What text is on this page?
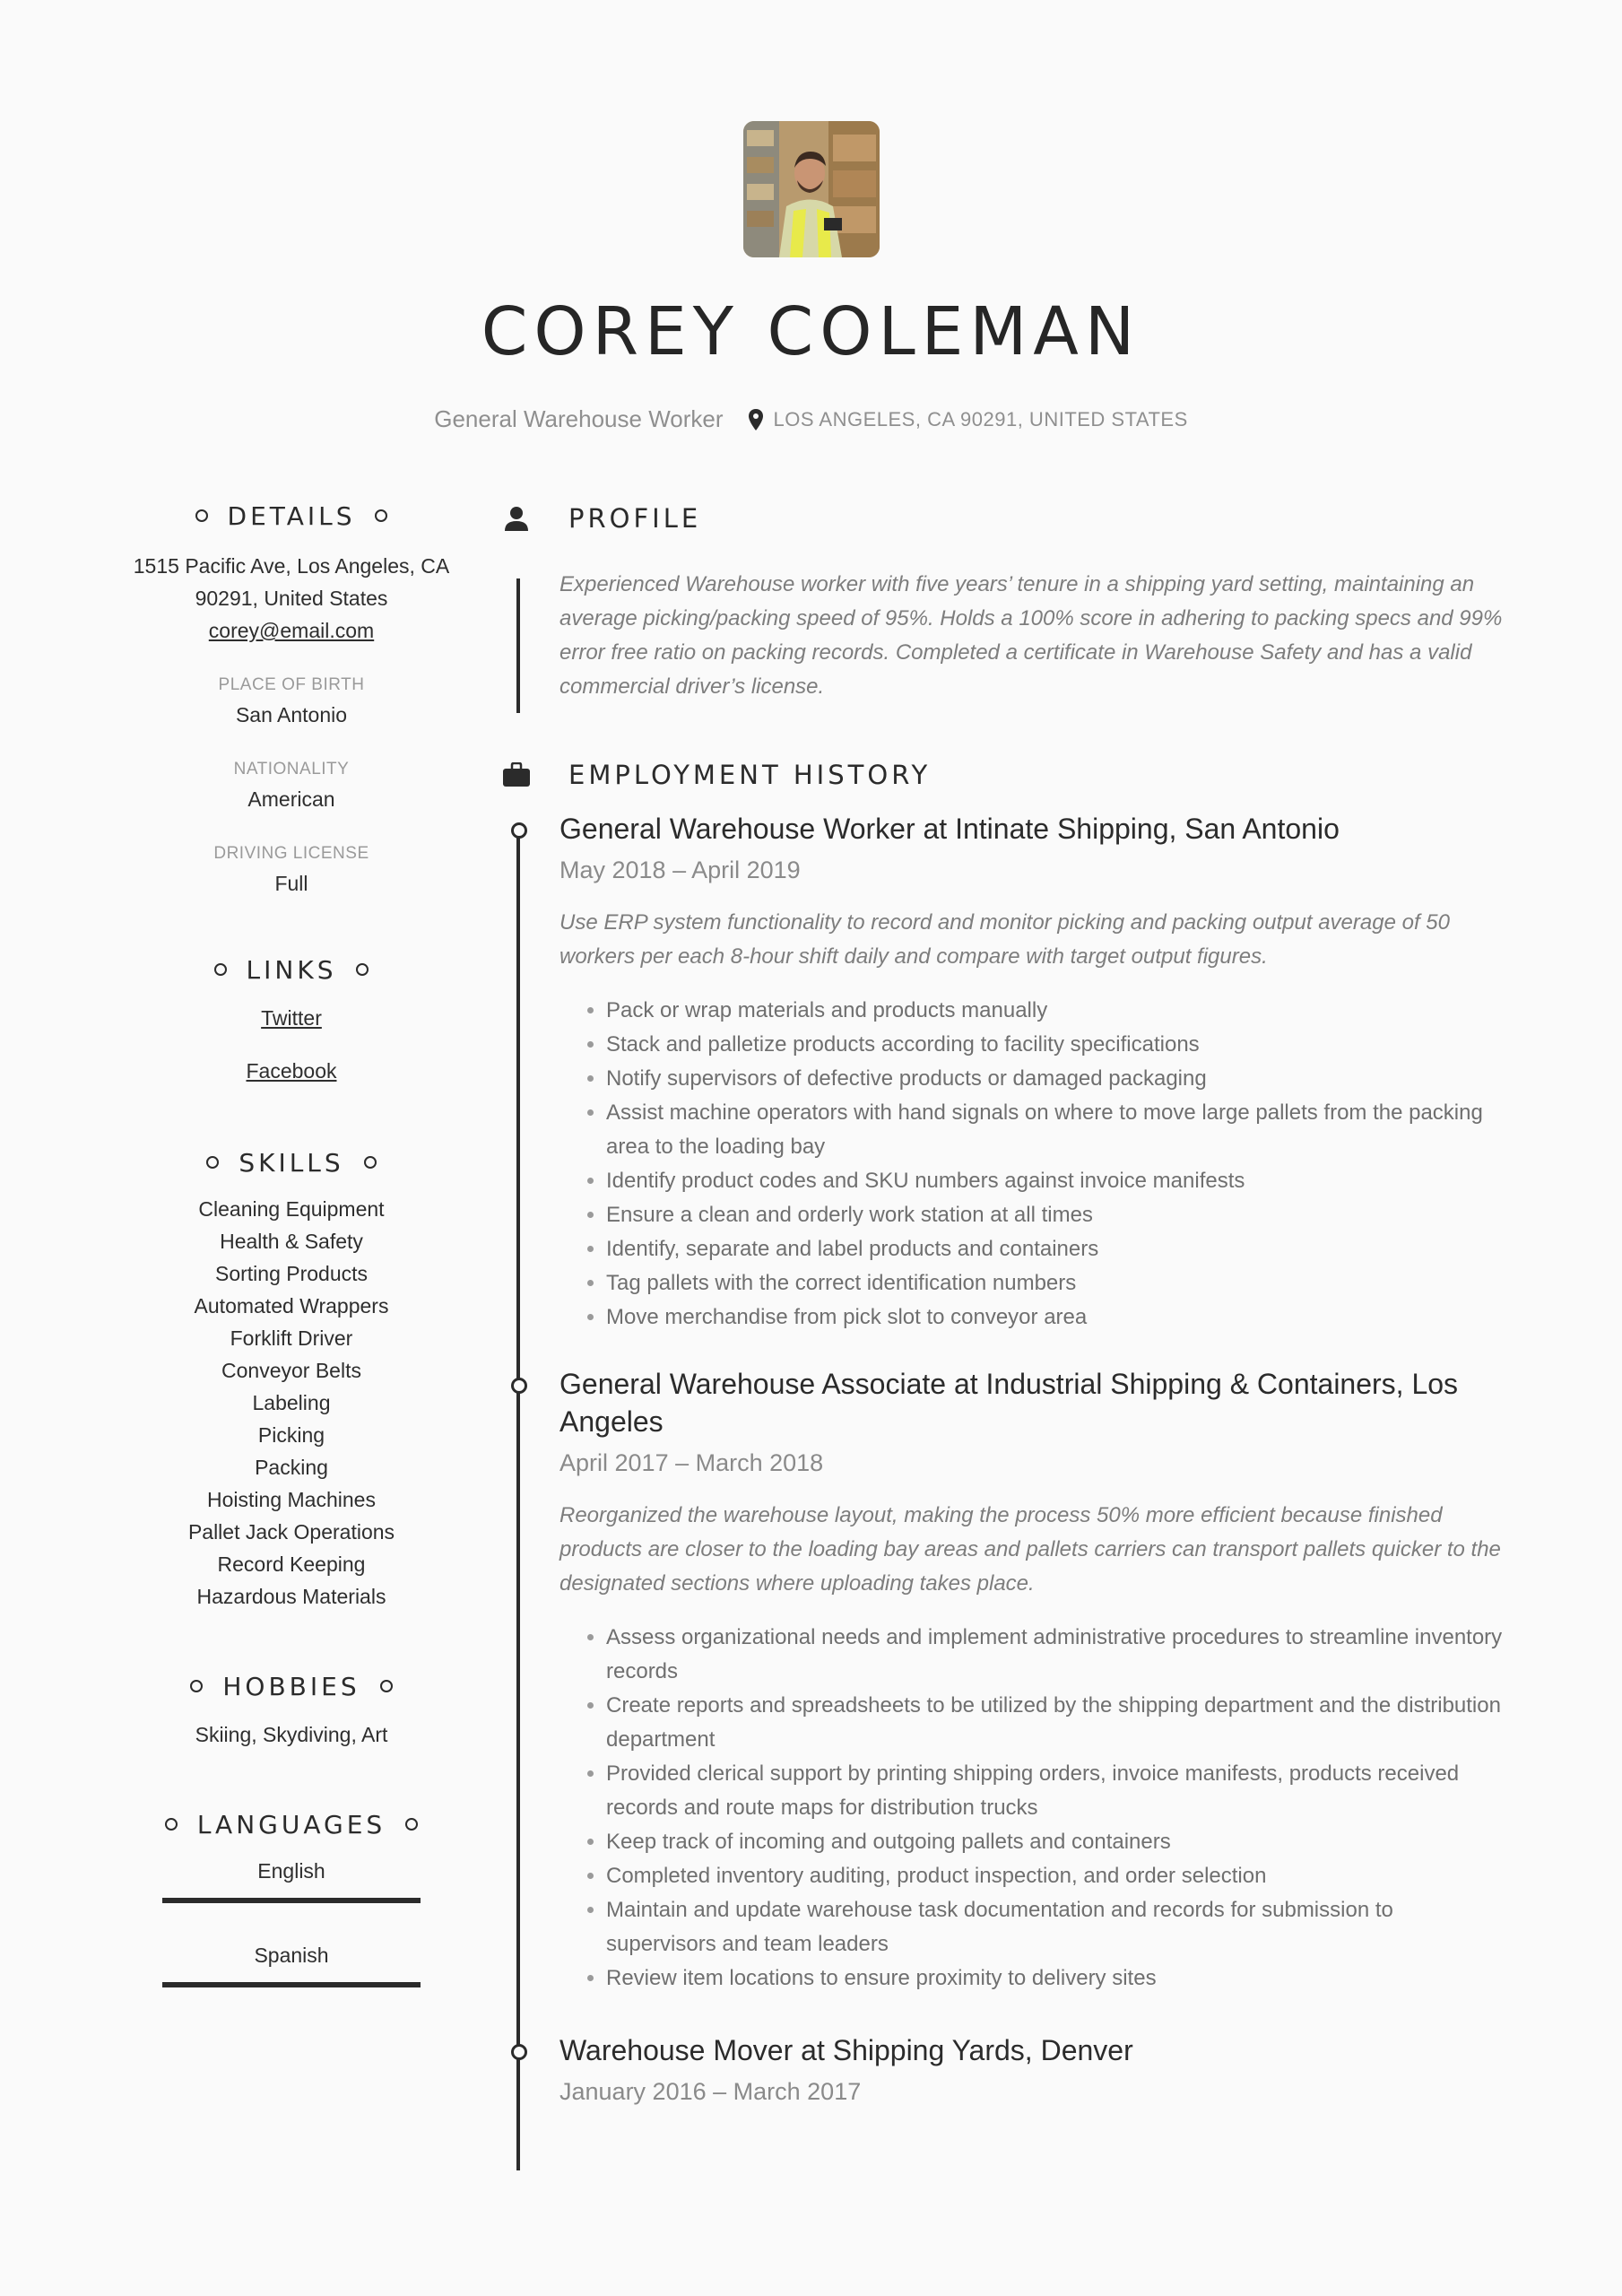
COREY COLEMAN
General Warehouse Worker	LOS ANGELES, CA 90291, UNITED STATES
DETAILS
1515 Pacific Ave, Los Angeles, CA
90291, United States
corey@email.com
PLACE OF BIRTH
San Antonio
NATIONALITY
American
DRIVING LICENSE
Full
LINKS
Twitter
Facebook
SKILLS
Cleaning Equipment
Health & Safety
Sorting Products
Automated Wrappers
Forklift Driver
Conveyor Belts
Labeling
Picking
Packing
Hoisting Machines
Pallet Jack Operations
Record Keeping
Hazardous Materials
HOBBIES
Skiing, Skydiving, Art
LANGUAGES
English
Spanish
PROFILE
Experienced Warehouse worker with five years’ tenure in a shipping yard setting, maintaining an average picking/packing speed of 95%. Holds a 100% score in adhering to packing specs and 99% error free ratio on packing records. Completed a certificate in Warehouse Safety and has a valid commercial driver’s license.
EMPLOYMENT HISTORY
General Warehouse Worker at Intinate Shipping, San Antonio
May 2018 – April 2019
Use ERP system functionality to record and monitor picking and packing output average of 50 workers per each 8-hour shift daily and compare with target output figures.
• Pack or wrap materials and products manually
• Stack and palletize products according to facility specifications
• Notify supervisors of defective products or damaged packaging
• Assist machine operators with hand signals on where to move large pallets from the packing area to the loading bay
• Identify product codes and SKU numbers against invoice manifests
• Ensure a clean and orderly work station at all times
• Identify, separate and label products and containers
• Tag pallets with the correct identification numbers
• Move merchandise from pick slot to conveyor area
General Warehouse Associate at Industrial Shipping & Containers, Los Angeles
April 2017 – March 2018
Reorganized the warehouse layout, making the process 50% more efficient because finished products are closer to the loading bay areas and pallets carriers can transport pallets quicker to the designated sections where uploading takes place.
• Assess organizational needs and implement administrative procedures to streamline inventory records
• Create reports and spreadsheets to be utilized by the shipping department and the distribution department
• Provided clerical support by printing shipping orders, invoice manifests, products received records and route maps for distribution trucks
• Keep track of incoming and outgoing pallets and containers
• Completed inventory auditing, product inspection, and order selection
• Maintain and update warehouse task documentation and records for submission to supervisors and team leaders
• Review item locations to ensure proximity to delivery sites
Warehouse Mover at Shipping Yards, Denver
January 2016 – March 2017
